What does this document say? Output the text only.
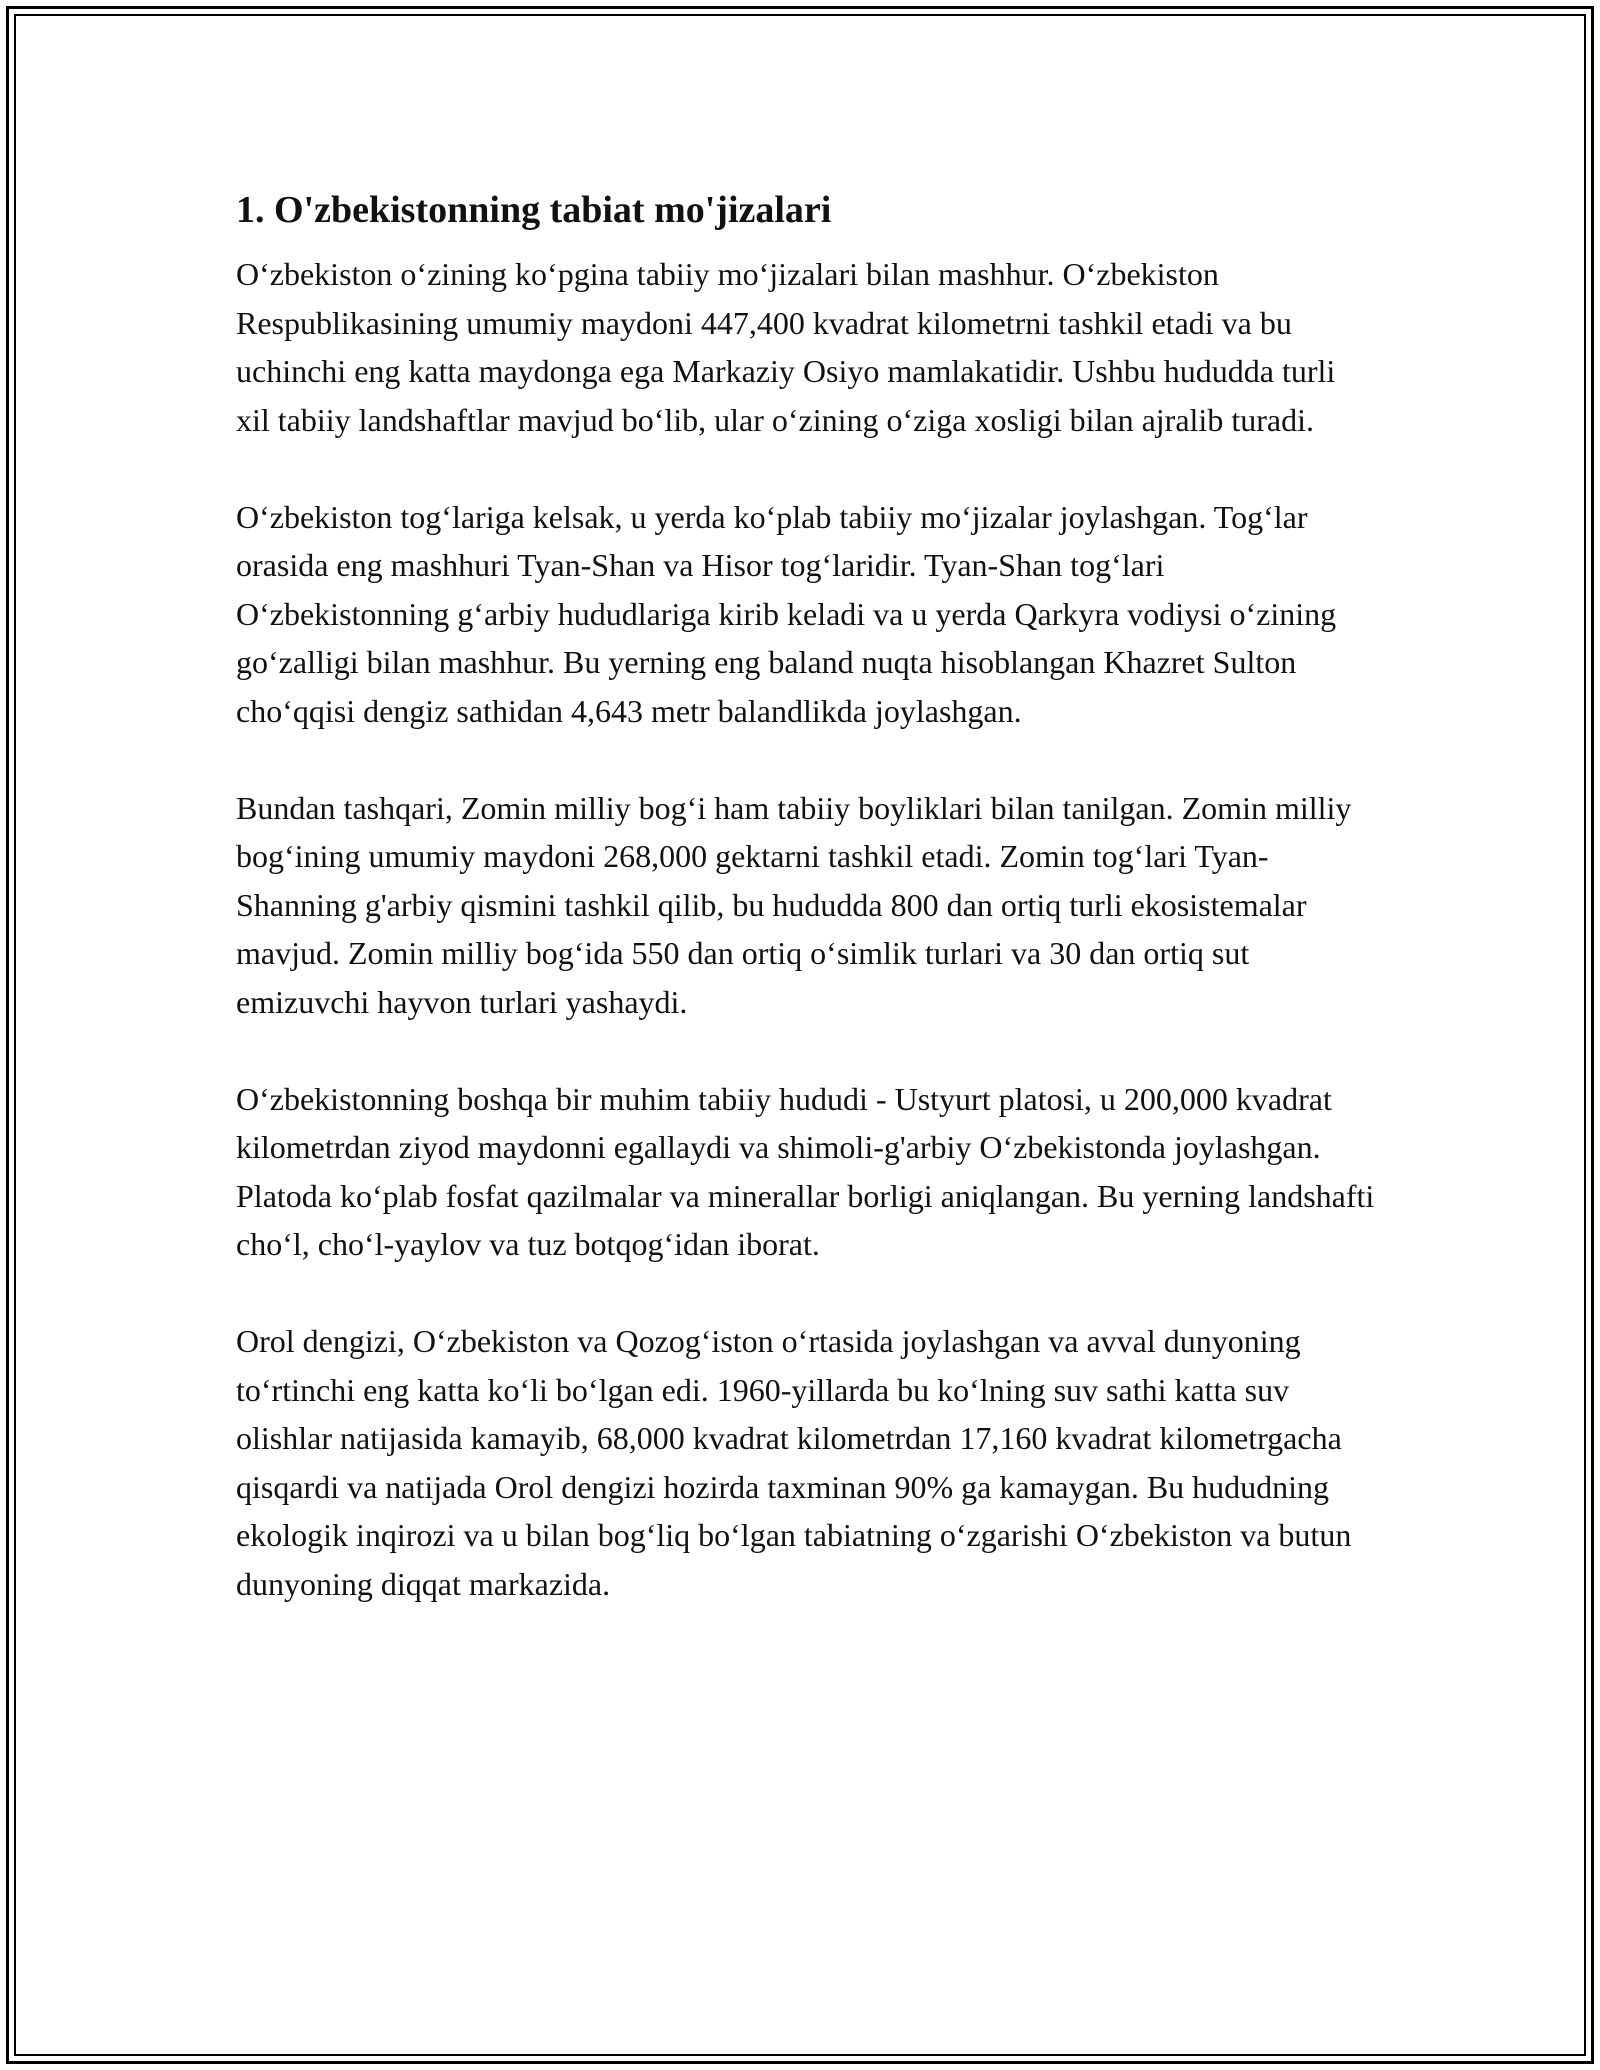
1. O'zbekistonning tabiat mo'jizalari

O‘zbekiston o‘zining ko‘pgina tabiiy mo‘jizalari bilan mashhur. O‘zbekiston Respublikasining umumiy maydoni 447,400 kvadrat kilometrni tashkil etadi va bu uchinchi eng katta maydonga ega Markaziy Osiyo mamlakatidir. Ushbu hududda turli xil tabiiy landshaftlar mavjud bo‘lib, ular o‘zining o‘ziga xosligi bilan ajralib turadi.

O‘zbekiston tog‘lariga kelsak, u yerda ko‘plab tabiiy mo‘jizalar joylashgan. Tog‘lar orasida eng mashhuri Tyan-Shan va Hisor tog‘laridir. Tyan-Shan tog‘lari O‘zbekistonning g‘arbiy hududlariga kirib keladi va u yerda Qarkyra vodiysi o‘zining go‘zalligi bilan mashhur. Bu yerning eng baland nuqta hisoblangan Khazret Sulton cho‘qqisi dengiz sathidan 4,643 metr balandlikda joylashgan.

Bundan tashqari, Zomin milliy bog‘i ham tabiiy boyliklari bilan tanilgan. Zomin milliy bog‘ining umumiy maydoni 268,000 gektarni tashkil etadi. Zomin tog‘lari Tyan-Shanning g'arbiy qismini tashkil qilib, bu hududda 800 dan ortiq turli ekosistemalar mavjud. Zomin milliy bog‘ida 550 dan ortiq o‘simlik turlari va 30 dan ortiq sut emizuvchi hayvon turlari yashaydi.

O‘zbekistonning boshqa bir muhim tabiiy hududi - Ustyurt platosi, u 200,000 kvadrat kilometrdan ziyod maydonni egallaydi va shimoli-g'arbiy O‘zbekistonda joylashgan. Platoda ko‘plab fosfat qazilmalar va minerallar borligi aniqlangan. Bu yerning landshafti cho‘l, cho‘l-yaylov va tuz botqog‘idan iborat.

Orol dengizi, O‘zbekiston va Qozog‘iston o‘rtasida joylashgan va avval dunyoning to‘rtinchi eng katta ko‘li bo‘lgan edi. 1960-yillarda bu ko‘lning suv sathi katta suv olishlar natijasida kamayib, 68,000 kvadrat kilometrdan 17,160 kvadrat kilometrgacha qisqardi va natijada Orol dengizi hozirda taxminan 90% ga kamaygan. Bu hududning ekologik inqirozi va u bilan bog‘liq bo‘lgan tabiatning o‘zgarishi O‘zbekiston va butun dunyoning diqqat markazida.
